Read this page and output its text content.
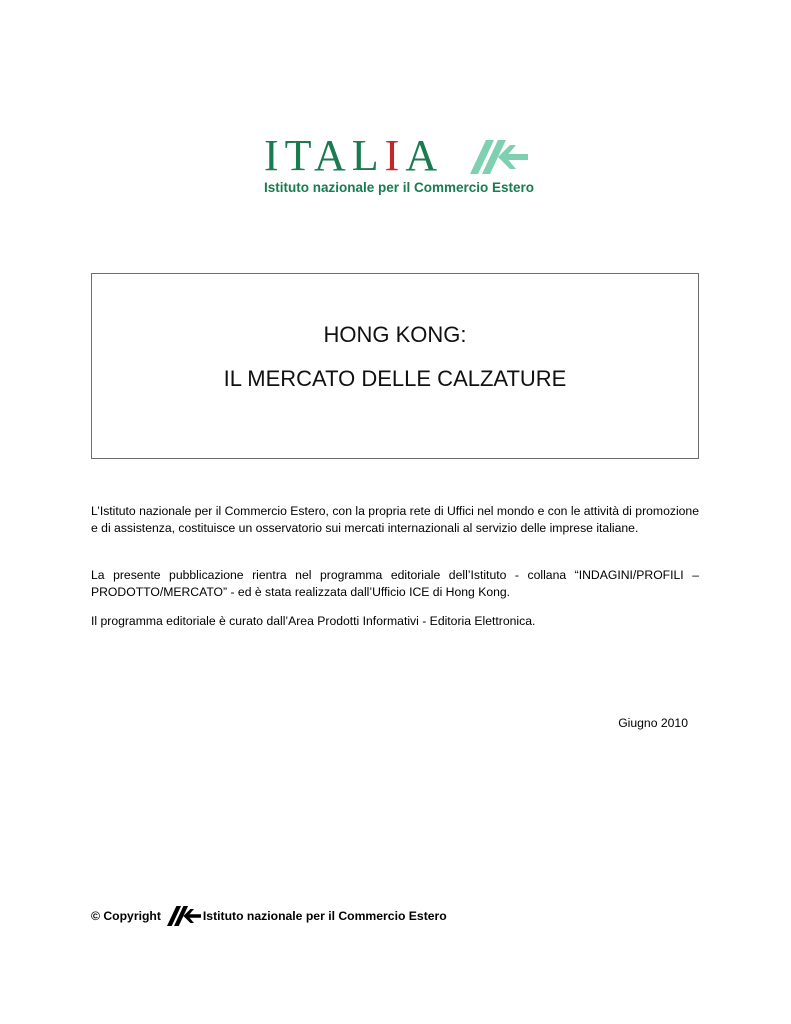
ITALIA
Istituto nazionale per il Commercio Estero
HONG KONG:
IL MERCATO DELLE CALZATURE

L’Istituto nazionale per il Commercio Estero, con la propria rete di Uffici nel mondo e con le attività di promozione e di assistenza, costituisce un osservatorio sui mercati internazionali al servizio delle imprese italiane.

La presente pubblicazione rientra nel programma editoriale dell’Istituto - collana “INDAGINI/PROFILI – PRODOTTO/MERCATO” - ed è stata realizzata dall’Ufficio ICE di Hong Kong.

Il programma editoriale è curato dall’Area Prodotti Informativi - Editoria Elettronica.

Giugno 2010
© Copyright	Istituto nazionale per il Commercio Estero
